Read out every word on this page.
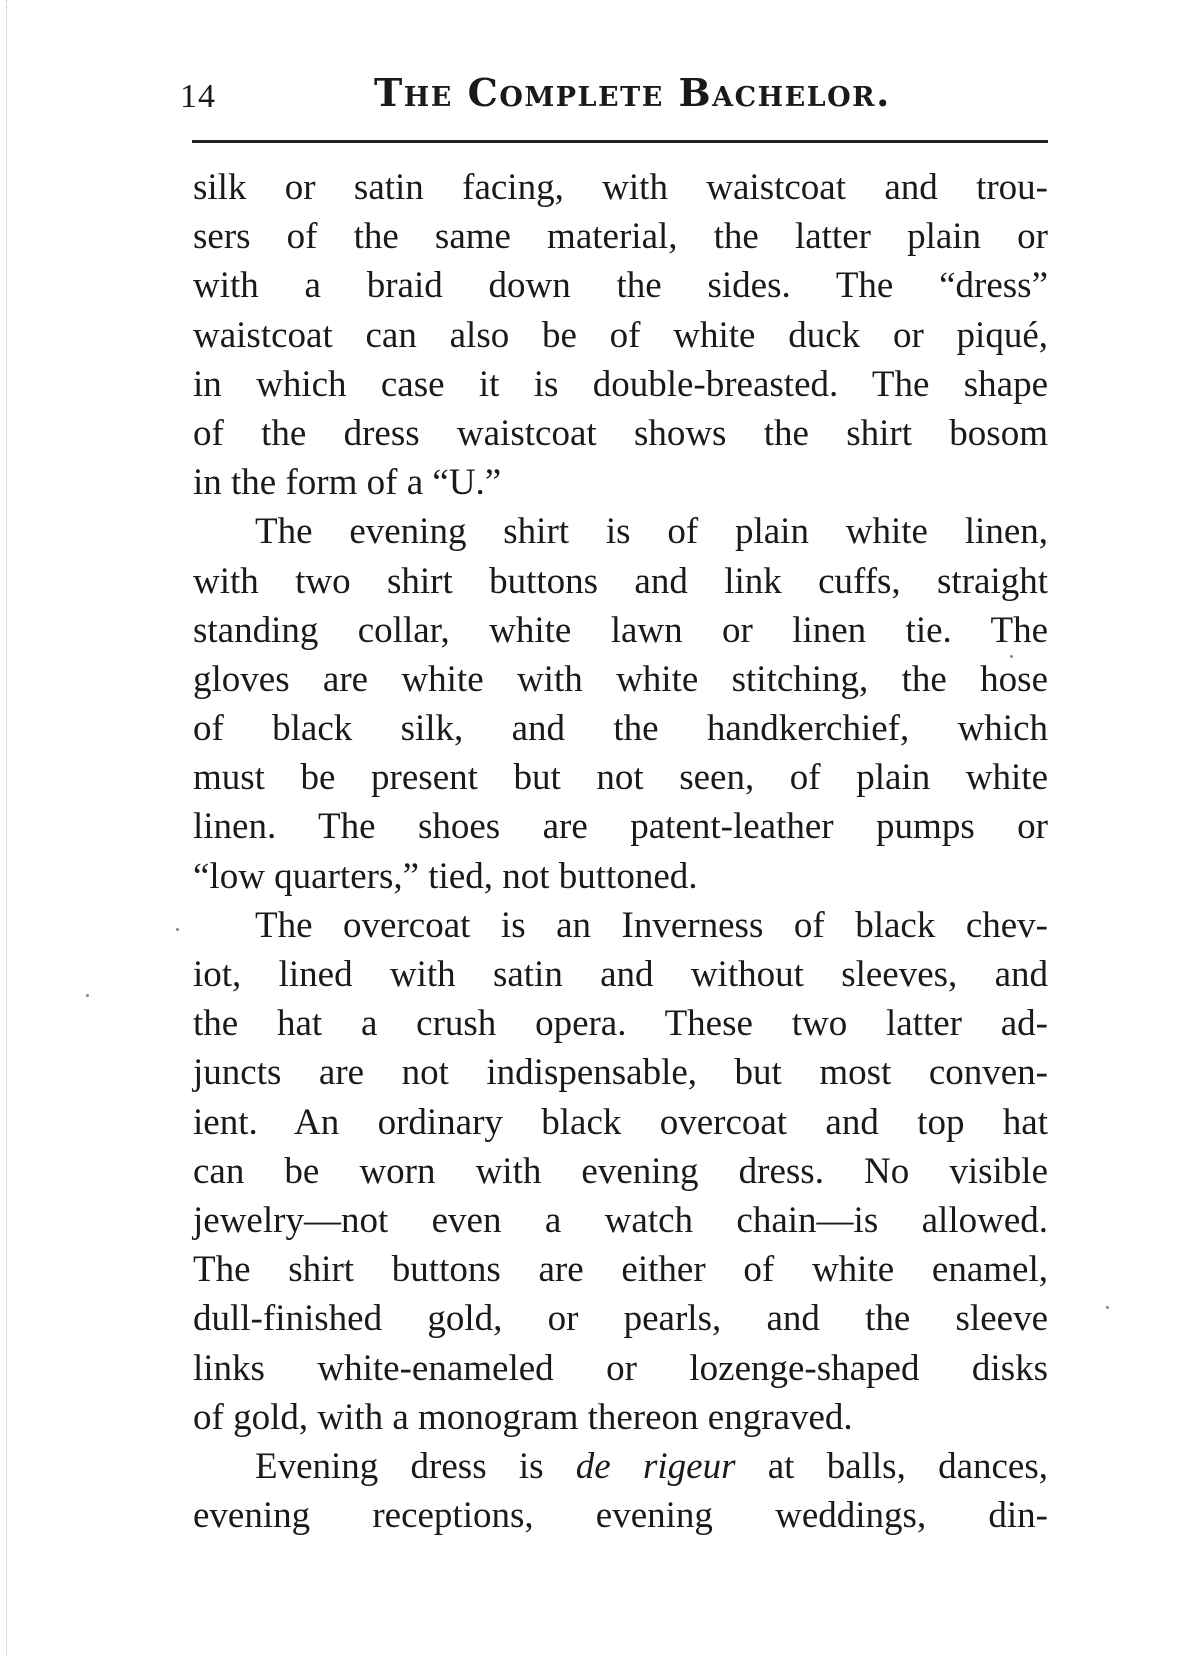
14	The Complete Bachelor.
silk or satin facing, with waistcoat and trou-
sers of the same material, the latter plain or
with a braid down the sides. The “dress”
waistcoat can also be of white duck or piqué,
in which case it is double-breasted. The shape
of the dress waistcoat shows the shirt bosom
in the form of a “U.”
The evening shirt is of plain white linen,
with two shirt buttons and link cuffs, straight
standing collar, white lawn or linen tie. The
gloves are white with white stitching, the hose
of black silk, and the handkerchief, which
must be present but not seen, of plain white
linen. The shoes are patent-leather pumps or
“low quarters,” tied, not buttoned.
The overcoat is an Inverness of black chev-
iot, lined with satin and without sleeves, and
the hat a crush opera. These two latter ad-
juncts are not indispensable, but most conven-
ient. An ordinary black overcoat and top hat
can be worn with evening dress. No visible
jewelry—not even a watch chain—is allowed.
The shirt buttons are either of white enamel,
dull-finished gold, or pearls, and the sleeve
links white-enameled or lozenge-shaped disks
of gold, with a monogram thereon engraved.
Evening dress is de rigeur at balls, dances,
evening receptions, evening weddings, din-
